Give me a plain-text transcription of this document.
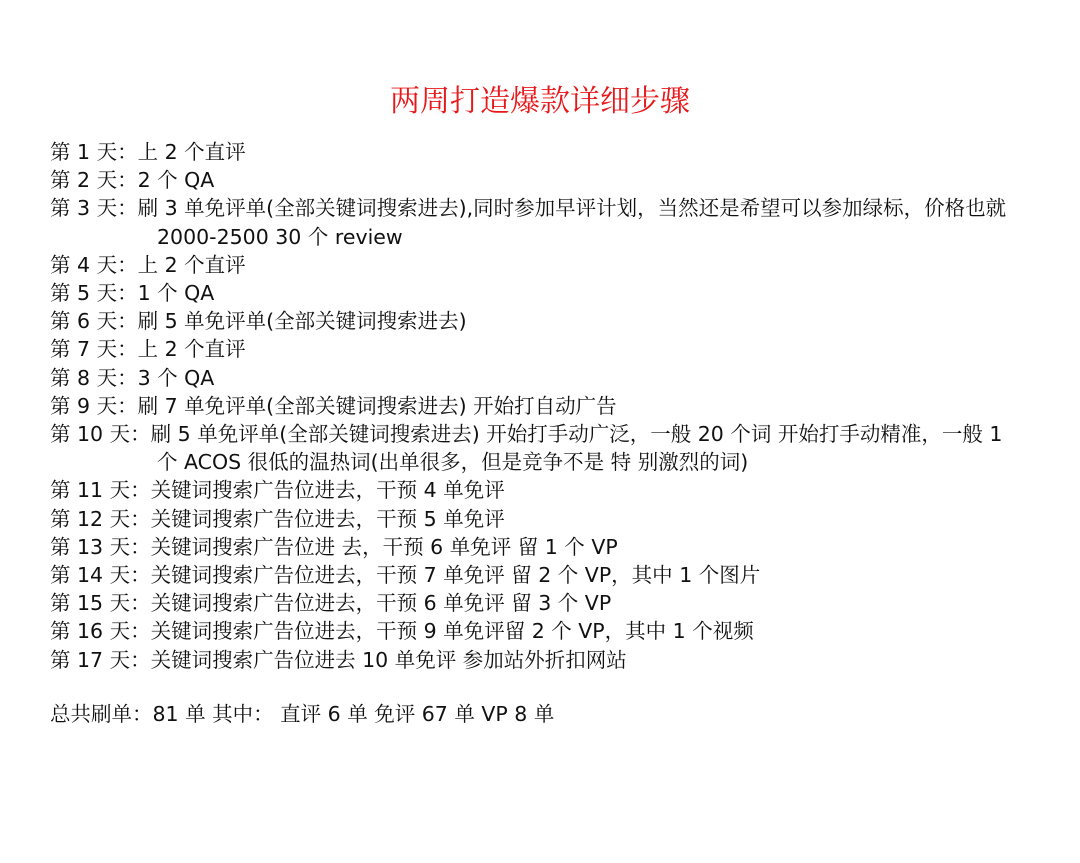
两周打造爆款详细步骤
第 1 天：上 2 个直评
第 2 天：2 个 QA
第 3 天：刷 3 单免评单(全部关键词搜索进去),同时参加早评计划，当然还是希望可以参加绿标，价格也就
2000-2500 30 个 review
第 4 天：上 2 个直评
第 5 天：1 个 QA
第 6 天：刷 5 单免评单(全部关键词搜索进去)
第 7 天：上 2 个直评
第 8 天：3 个 QA
第 9 天：刷 7 单免评单(全部关键词搜索进去) 开始打自动广告
第 10 天：刷 5 单免评单(全部关键词搜索进去) 开始打手动广泛，一般 20 个词 开始打手动精准，一般 1
个 ACOS 很低的温热词(出单很多，但是竞争不是 特 别激烈的词)
第 11 天：关键词搜索广告位进去，干预 4 单免评
第 12 天：关键词搜索广告位进去，干预 5 单免评
第 13 天：关键词搜索广告位进 去，干预 6 单免评 留 1 个 VP
第 14 天：关键词搜索广告位进去，干预 7 单免评 留 2 个 VP，其中 1 个图片
第 15 天：关键词搜索广告位进去，干预 6 单免评 留 3 个 VP
第 16 天：关键词搜索广告位进去，干预 9 单免评留 2 个 VP，其中 1 个视频
第 17 天：关键词搜索广告位进去 10 单免评 参加站外折扣网站
总共刷单：81 单 其中： 直评 6 单 免评 67 单 VP 8 单
